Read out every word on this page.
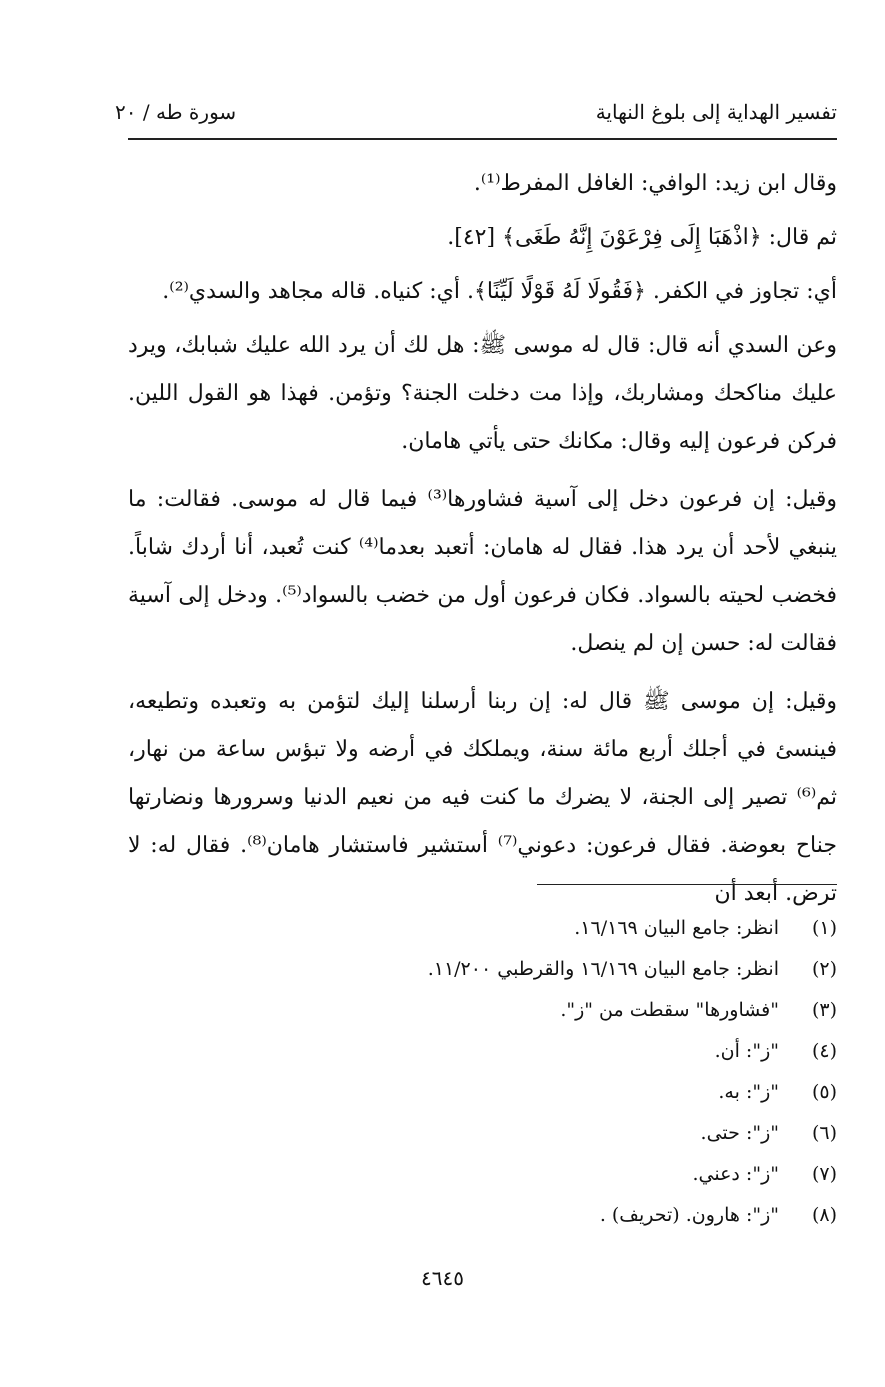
تفسير الهداية إلى بلوغ النهاية
سورة طه / ٢٠

وقال ابن زيد: الوافي: الغافل المفرط⁽¹⁾.

ثم قال: ﴿اذْهَبَا إِلَى فِرْعَوْنَ إِنَّهُ طَغَى﴾ [٤٢].

أي: تجاوز في الكفر. ﴿فَقُولَا لَهُ قَوْلًا لَيِّنًا﴾. أي: كنياه. قاله مجاهد والسدي⁽²⁾.

وعن السدي أنه قال: قال له موسى ﷺ: هل لك أن يرد الله عليك شبابك، ويرد عليك مناكحك ومشاربك، وإذا مت دخلت الجنة؟ وتؤمن. فهذا هو القول اللين. فركن فرعون إليه وقال: مكانك حتى يأتي هامان.

وقيل: إن فرعون دخل إلى آسية فشاورها⁽³⁾ فيما قال له موسى. فقالت: ما ينبغي لأحد أن يرد هذا. فقال له هامان: أتعبد بعدما⁽⁴⁾ كنت تُعبد، أنا أردك شاباً. فخضب لحيته بالسواد. فكان فرعون أول من خضب بالسواد⁽⁵⁾. ودخل إلى آسية فقالت له: حسن إن لم ينصل.

وقيل: إن موسى ﷺ قال له: إن ربنا أرسلنا إليك لتؤمن به وتعبده وتطيعه، فينسئ في أجلك أربع مائة سنة، ويملكك في أرضه ولا تبؤس ساعة من نهار، ثم⁽⁶⁾ تصير إلى الجنة، لا يضرك ما كنت فيه من نعيم الدنيا وسرورها ونضارتها جناح بعوضة. فقال فرعون: دعوني⁽⁷⁾ أستشير فاستشار هامان⁽⁸⁾. فقال له: لا ترض. أبعد أن

(١)
انظر: جامع البيان ١٦/١٦٩.
(٢)
انظر: جامع البيان ١٦/١٦٩ والقرطبي ١١/٢٠٠.
(٣)
"فشاورها" سقطت من "ز".
(٤)
"ز": أن.
(٥)
"ز": به.
(٦)
"ز": حتى.
(٧)
"ز": دعني.
(٨)
"ز": هارون. (تحريف) .
٤٦٤٥
